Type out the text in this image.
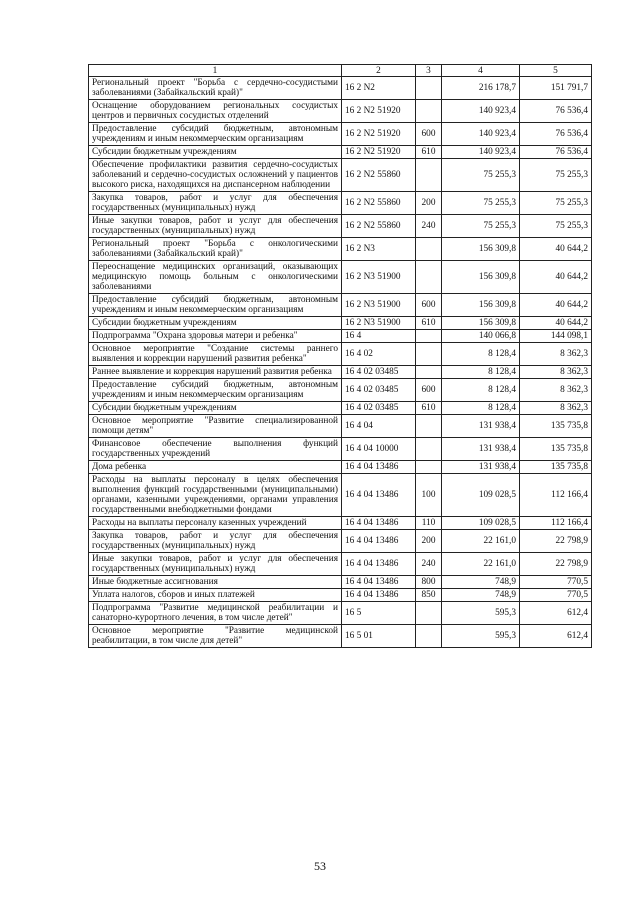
1	2	3	4	5
Региональный проект "Борьба с сердечно-сосудистыми заболеваниями (Забайкальский край)"	16 2 N2		216 178,7	151 791,7
Оснащение оборудованием региональных сосудистых центров и первичных сосудистых отделений	16 2 N2 51920		140 923,4	76 536,4
Предоставление субсидий бюджетным, автономным учреждениям и иным некоммерческим организациям	16 2 N2 51920	600	140 923,4	76 536,4
Субсидии бюджетным учреждениям	16 2 N2 51920	610	140 923,4	76 536,4
Обеспечение профилактики развития сердечно-сосудистых заболеваний и сердечно-сосудистых осложнений у пациентов высокого риска, находящихся на диспансерном наблюдении	16 2 N2 55860		75 255,3	75 255,3
Закупка товаров, работ и услуг для обеспечения государственных (муниципальных) нужд	16 2 N2 55860	200	75 255,3	75 255,3
Иные закупки товаров, работ и услуг для обеспечения государственных (муниципальных) нужд	16 2 N2 55860	240	75 255,3	75 255,3
Региональный проект "Борьба с онкологическими заболеваниями (Забайкальский край)"	16 2 N3		156 309,8	40 644,2
Переоснащение медицинских организаций, оказывающих медицинскую помощь больным с онкологическими заболеваниями	16 2 N3 51900		156 309,8	40 644,2
Предоставление субсидий бюджетным, автономным учреждениям и иным некоммерческим организациям	16 2 N3 51900	600	156 309,8	40 644,2
Субсидии бюджетным учреждениям	16 2 N3 51900	610	156 309,8	40 644,2
Подпрограмма "Охрана здоровья матери и ребенка"	16 4		140 066,8	144 098,1
Основное мероприятие "Создание системы раннего выявления и коррекции нарушений развития ребенка"	16 4 02		8 128,4	8 362,3
Раннее выявление и коррекция нарушений развития ребенка	16 4 02 03485		8 128,4	8 362,3
Предоставление субсидий бюджетным, автономным учреждениям и иным некоммерческим организациям	16 4 02 03485	600	8 128,4	8 362,3
Субсидии бюджетным учреждениям	16 4 02 03485	610	8 128,4	8 362,3
Основное мероприятие "Развитие специализированной помощи детям"	16 4 04		131 938,4	135 735,8
Финансовое обеспечение выполнения функций государственных учреждений	16 4 04 10000		131 938,4	135 735,8
Дома ребенка	16 4 04 13486		131 938,4	135 735,8
Расходы на выплаты персоналу в целях обеспечения выполнения функций государственными (муниципальными) органами, казенными учреждениями, органами управления государственными внебюджетными фондами	16 4 04 13486	100	109 028,5	112 166,4
Расходы на выплаты персоналу казенных учреждений	16 4 04 13486	110	109 028,5	112 166,4
Закупка товаров, работ и услуг для обеспечения государственных (муниципальных) нужд	16 4 04 13486	200	22 161,0	22 798,9
Иные закупки товаров, работ и услуг для обеспечения государственных (муниципальных) нужд	16 4 04 13486	240	22 161,0	22 798,9
Иные бюджетные ассигнования	16 4 04 13486	800	748,9	770,5
Уплата налогов, сборов и иных платежей	16 4 04 13486	850	748,9	770,5
Подпрограмма "Развитие медицинской реабилитации и санаторно-курортного лечения, в том числе детей"	16 5		595,3	612,4
Основное мероприятие "Развитие медицинской реабилитации, в том числе для детей"	16 5 01		595,3	612,4
53
